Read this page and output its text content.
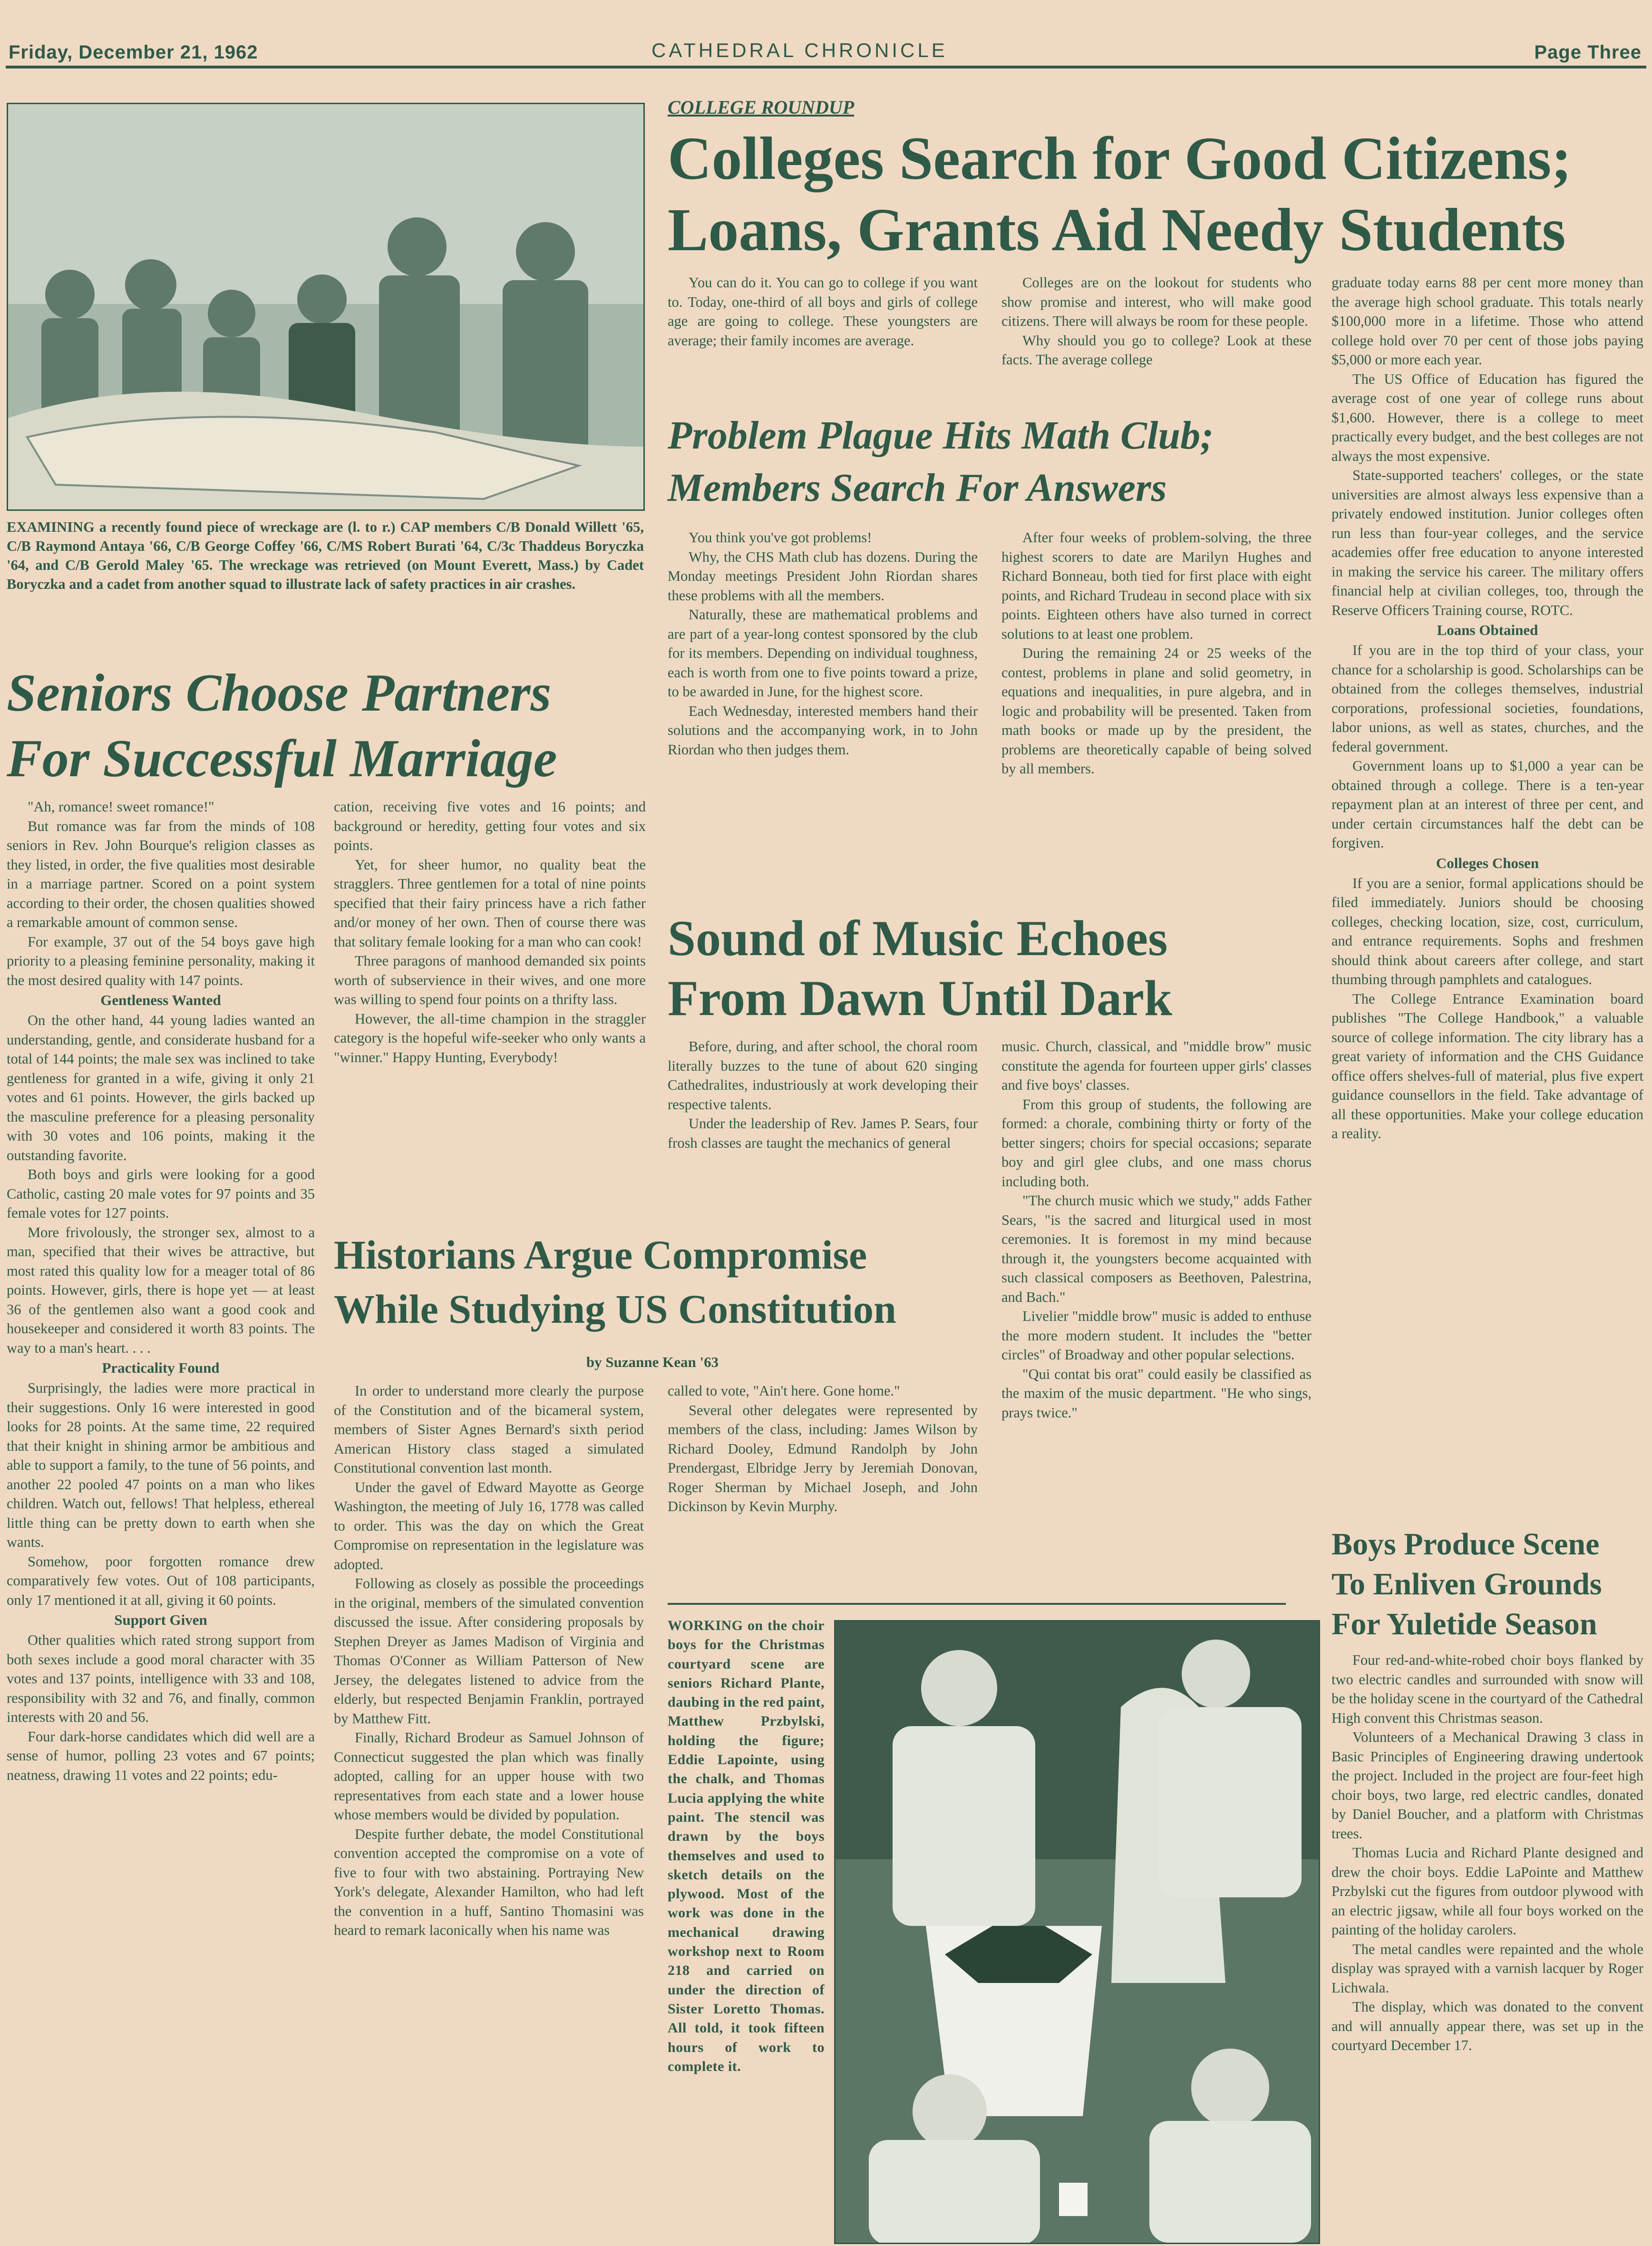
Friday, December 21, 1962	CATHEDRAL CHRONICLE	Page Three
EXAMINING a recently found piece of wreckage are (l. to r.) CAP members C/B Donald Willett '65, C/B Raymond Antaya '66, C/B George Coffey '66, C/MS Robert Burati '64, C/3c Thaddeus Boryczka '64, and C/B Gerold Maley '65. The wreckage was retrieved (on Mount Everett, Mass.) by Cadet Boryczka and a cadet from another squad to illustrate lack of safety practices in air crashes.
Seniors Choose Partners
For Successful Marriage

"Ah, romance! sweet romance!"

But romance was far from the minds of 108 seniors in Rev. John Bourque's religion classes as they listed, in order, the five qualities most desirable in a marriage partner. Scored on a point system according to their order, the chosen qualities showed a remarkable amount of common sense.

For example, 37 out of the 54 boys gave high priority to a pleasing feminine personality, making it the most desired quality with 147 points.

Gentleness Wanted

On the other hand, 44 young ladies wanted an understanding, gentle, and considerate husband for a total of 144 points; the male sex was inclined to take gentleness for granted in a wife, giving it only 21 votes and 61 points. However, the girls backed up the masculine preference for a pleasing personality with 30 votes and 106 points, making it the outstanding favorite.

Both boys and girls were looking for a good Catholic, casting 20 male votes for 97 points and 35 female votes for 127 points.

More frivolously, the stronger sex, almost to a man, specified that their wives be attractive, but most rated this quality low for a meager total of 86 points. However, girls, there is hope yet — at least 36 of the gentlemen also want a good cook and housekeeper and considered it worth 83 points. The way to a man's heart. . . .

Practicality Found

Surprisingly, the ladies were more practical in their suggestions. Only 16 were interested in good looks for 28 points. At the same time, 22 required that their knight in shining armor be ambitious and able to support a family, to the tune of 56 points, and another 22 pooled 47 points on a man who likes children. Watch out, fellows! That helpless, ethereal little thing can be pretty down to earth when she wants.

Somehow, poor forgotten romance drew comparatively few votes. Out of 108 participants, only 17 mentioned it at all, giving it 60 points.

Support Given

Other qualities which rated strong support from both sexes include a good moral character with 35 votes and 137 points, intelligence with 33 and 108, responsibility with 32 and 76, and finally, common interests with 20 and 56.

Four dark-horse candidates which did well are a sense of humor, polling 23 votes and 67 points; neatness, drawing 11 votes and 22 points; edu-

cation, receiving five votes and 16 points; and background or heredity, getting four votes and six points.

Yet, for sheer humor, no quality beat the stragglers. Three gentlemen for a total of nine points specified that their fairy princess have a rich father and/or money of her own. Then of course there was that solitary female looking for a man who can cook!

Three paragons of manhood demanded six points worth of subservience in their wives, and one more was willing to spend four points on a thrifty lass.

However, the all-time champion in the straggler category is the hopeful wife-seeker who only wants a "winner." Happy Hunting, Everybody!

Historians Argue Compromise
While Studying US Constitution
by Suzanne Kean '63

In order to understand more clearly the purpose of the Constitution and of the bicameral system, members of Sister Agnes Bernard's sixth period American History class staged a simulated Constitutional convention last month.

Under the gavel of Edward Mayotte as George Washington, the meeting of July 16, 1778 was called to order. This was the day on which the Great Compromise on representation in the legislature was adopted.

Following as closely as possible the proceedings in the original, members of the simulated convention discussed the issue. After considering proposals by Stephen Dreyer as James Madison of Virginia and Thomas O'Conner as William Patterson of New Jersey, the delegates listened to advice from the elderly, but respected Benjamin Franklin, portrayed by Matthew Fitt.

Finally, Richard Brodeur as Samuel Johnson of Connecticut suggested the plan which was finally adopted, calling for an upper house with two representatives from each state and a lower house whose members would be divided by population.

Despite further debate, the model Constitutional convention accepted the compromise on a vote of five to four with two abstaining. Portraying New York's delegate, Alexander Hamilton, who had left the convention in a huff, Santino Thomasini was heard to remark laconically when his name was

called to vote, "Ain't here. Gone home."

Several other delegates were represented by members of the class, including: James Wilson by Richard Dooley, Edmund Randolph by John Prendergast, Elbridge Jerry by Jeremiah Donovan, Roger Sherman by Michael Joseph, and John Dickinson by Kevin Murphy.

COLLEGE ROUNDUP
Colleges Search for Good Citizens;
Loans, Grants Aid Needy Students

You can do it. You can go to college if you want to. Today, one-third of all boys and girls of college age are going to college. These youngsters are average; their family incomes are average.

Colleges are on the lookout for students who show promise and interest, who will make good citizens. There will always be room for these people.

Why should you go to college? Look at these facts. The average college

graduate today earns 88 per cent more money than the average high school graduate. This totals nearly $100,000 more in a lifetime. Those who attend college hold over 70 per cent of those jobs paying $5,000 or more each year.

The US Office of Education has figured the average cost of one year of college runs about $1,600. However, there is a college to meet practically every budget, and the best colleges are not always the most expensive.

State-supported teachers' colleges, or the state universities are almost always less expensive than a privately endowed institution. Junior colleges often run less than four-year colleges, and the service academies offer free education to anyone interested in making the service his career. The military offers financial help at civilian colleges, too, through the Reserve Officers Training course, ROTC.

Loans Obtained

If you are in the top third of your class, your chance for a scholarship is good. Scholarships can be obtained from the colleges themselves, industrial corporations, professional societies, foundations, labor unions, as well as states, churches, and the federal government.

Government loans up to $1,000 a year can be obtained through a college. There is a ten-year repayment plan at an interest of three per cent, and under certain circumstances half the debt can be forgiven.

Colleges Chosen

If you are a senior, formal applications should be filed immediately. Juniors should be choosing colleges, checking location, size, cost, curriculum, and entrance requirements. Sophs and freshmen should think about careers after college, and start thumbing through pamphlets and catalogues.

The College Entrance Examination board publishes "The College Handbook," a valuable source of college information. The city library has a great variety of information and the CHS Guidance office offers shelves-full of material, plus five expert guidance counsellors in the field. Take advantage of all these opportunities. Make your college education a reality.

Problem Plague Hits Math Club;
Members Search For Answers

You think you've got problems!

Why, the CHS Math club has dozens. During the Monday meetings President John Riordan shares these problems with all the members.

Naturally, these are mathematical problems and are part of a year-long contest sponsored by the club for its members. Depending on individual toughness, each is worth from one to five points toward a prize, to be awarded in June, for the highest score.

Each Wednesday, interested members hand their solutions and the accompanying work, in to John Riordan who then judges them.

After four weeks of problem-solving, the three highest scorers to date are Marilyn Hughes and Richard Bonneau, both tied for first place with eight points, and Richard Trudeau in second place with six points. Eighteen others have also turned in correct solutions to at least one problem.

During the remaining 24 or 25 weeks of the contest, problems in plane and solid geometry, in equations and inequalities, in pure algebra, and in logic and probability will be presented. Taken from math books or made up by the president, the problems are theoretically capable of being solved by all members.

Sound of Music Echoes
From Dawn Until Dark

Before, during, and after school, the choral room literally buzzes to the tune of about 620 singing Cathedralites, industriously at work developing their respective talents.

Under the leadership of Rev. James P. Sears, four frosh classes are taught the mechanics of general

music. Church, classical, and "middle brow" music constitute the agenda for fourteen upper girls' classes and five boys' classes.

From this group of students, the following are formed: a chorale, combining thirty or forty of the better singers; choirs for special occasions; separate boy and girl glee clubs, and one mass chorus including both.

"The church music which we study," adds Father Sears, "is the sacred and liturgical used in most ceremonies. It is foremost in my mind because through it, the youngsters become acquainted with such classical composers as Beethoven, Palestrina, and Bach."

Livelier "middle brow" music is added to enthuse the more modern student. It includes the "better circles" of Broadway and other popular selections.

"Qui contat bis orat" could easily be classified as the maxim of the music department. "He who sings, prays twice."

WORKING on the choir boys for the Christmas courtyard scene are seniors Richard Plante, daubing in the red paint, Matthew Przbylski, holding the figure; Eddie Lapointe, using the chalk, and Thomas Lucia applying the white paint. The stencil was drawn by the boys themselves and used to sketch details on the plywood. Most of the work was done in the mechanical drawing workshop next to Room 218 and carried on under the direction of Sister Loretto Thomas. All told, it took fifteen hours of work to complete it.
Boys Produce Scene
To Enliven Grounds
For Yuletide Season

Four red-and-white-robed choir boys flanked by two electric candles and surrounded with snow will be the holiday scene in the courtyard of the Cathedral High convent this Christmas season.

Volunteers of a Mechanical Drawing 3 class in Basic Principles of Engineering drawing undertook the project. Included in the project are four-feet high choir boys, two large, red electric candles, donated by Daniel Boucher, and a platform with Christmas trees.

Thomas Lucia and Richard Plante designed and drew the choir boys. Eddie LaPointe and Matthew Przbylski cut the figures from outdoor plywood with an electric jigsaw, while all four boys worked on the painting of the holiday carolers.

The metal candles were repainted and the whole display was sprayed with a varnish lacquer by Roger Lichwala.

The display, which was donated to the convent and will annually appear there, was set up in the courtyard December 17.
